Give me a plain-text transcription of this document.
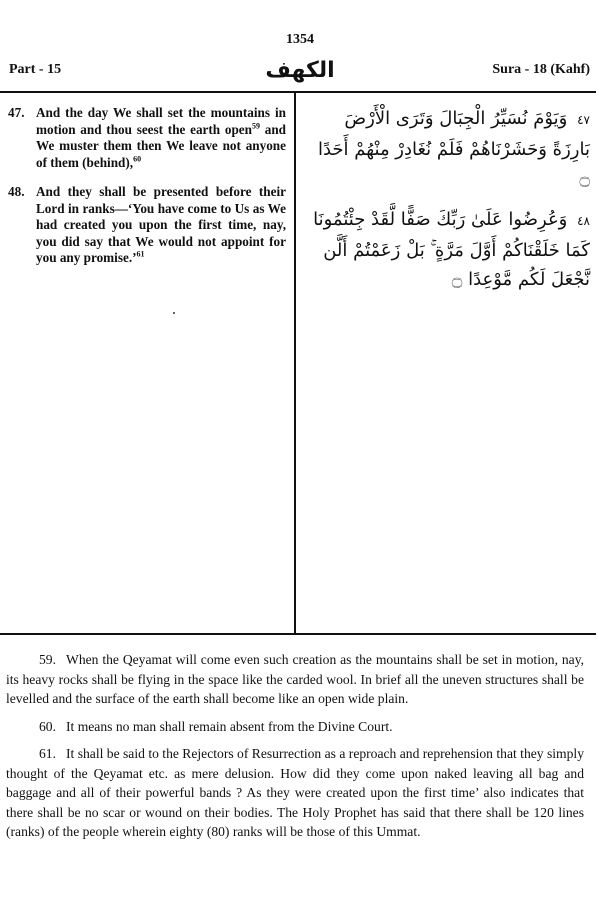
1354
Part - 15	الكهف	Sura - 18 (Kahf)
47. And the day We shall set the mountains in motion and thou seest the earth open$^{59}$ and We muster them then We leave not anyone of them (behind),$^{60}$
48. And they shall be presented before their Lord in ranks—‘You have come to Us as We had created you upon the first time, nay, you did say that We would not appoint for you any promise.’$^{61}$
٤٧ وَيَوْمَ نُسَيِّرُ الْجِبَالَ وَتَرَى الْأَرْضَ بَارِزَةً وَحَشَرْنَاهُمْ فَلَمْ نُغَادِرْ مِنْهُمْ أَحَدًا ۝
٤٨ وَعُرِضُوا عَلَىٰ رَبِّكَ صَفًّا لَّقَدْ جِئْتُمُونَا كَمَا خَلَقْنَاكُمْ أَوَّلَ مَرَّةٍ ۚ بَلْ زَعَمْتُمْ أَلَّن نَّجْعَلَ لَكُم مَّوْعِدًا ۝

59. When the Qeyamat will come even such creation as the mountains shall be set in motion, nay, its heavy rocks shall be flying in the space like the carded wool. In brief all the uneven structures shall be levelled and the surface of the earth shall become like an open wide plain.

60. It means no man shall remain absent from the Divine Court.

61. It shall be said to the Rejectors of Resurrection as a reproach and reprehension that they simply thought of the Qeyamat etc. as mere delusion. How did they come upon naked leaving all bag and baggage and all of their powerful bands ? As they were created upon the first time’ also indicates that there shall be no scar or wound on their bodies. The Holy Prophet has said that there shall be 120 lines (ranks) of the people wherein eighty (80) ranks will be those of this Ummat.
